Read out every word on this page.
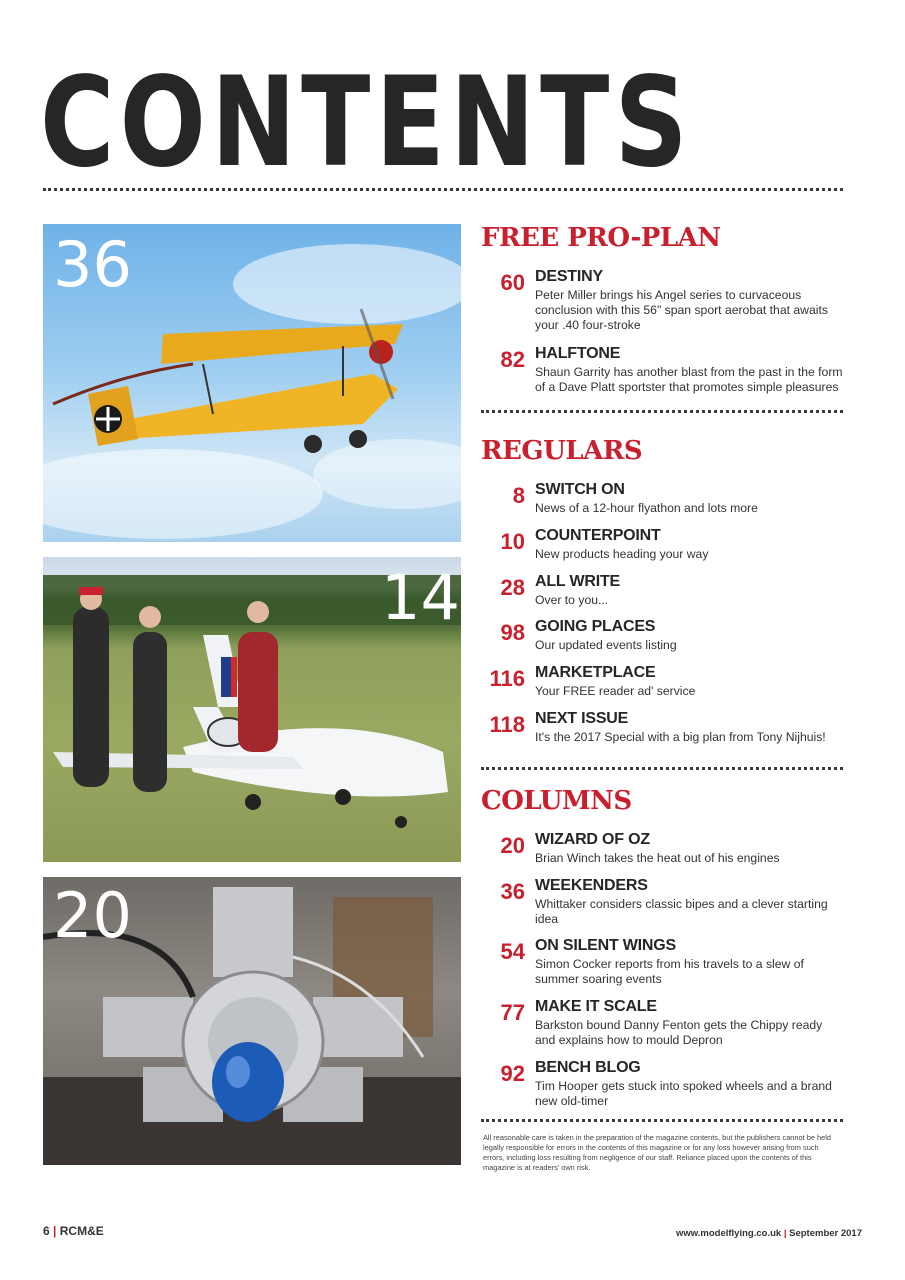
CONTENTS
36
14
20
FREE PRO-PLAN
60 DESTINY
Peter Miller brings his Angel series to curvaceous conclusion with this 56" span sport aerobat that awaits your .40 four-stroke
82 HALFTONE
Shaun Garrity has another blast from the past in the form of a Dave Platt sportster that promotes simple pleasures
REGULARS
8 SWITCH ON
News of a 12-hour flyathon and lots more
10 COUNTERPOINT
New products heading your way
28 ALL WRITE
Over to you...
98 GOING PLACES
Our updated events listing
116 MARKETPLACE
Your FREE reader ad' service
118 NEXT ISSUE
It's the 2017 Special with a big plan from Tony Nijhuis!
COLUMNS
20 WIZARD OF OZ
Brian Winch takes the heat out of his engines
36 WEEKENDERS
Whittaker considers classic bipes and a clever starting idea
54 ON SILENT WINGS
Simon Cocker reports from his travels to a slew of summer soaring events
77 MAKE IT SCALE
Barkston bound Danny Fenton gets the Chippy ready and explains how to mould Depron
92 BENCH BLOG
Tim Hooper gets stuck into spoked wheels and a brand new old-timer
All reasonable care is taken in the preparation of the magazine contents, but the publishers cannot be held legally responsible for errors in the contents of this magazine or for any loss however arising from such errors, including loss resulting from negligence of our staff. Reliance placed upon the contents of this magazine is at readers' own risk.
6 | RCM&E	www.modelflying.co.uk | September 2017
